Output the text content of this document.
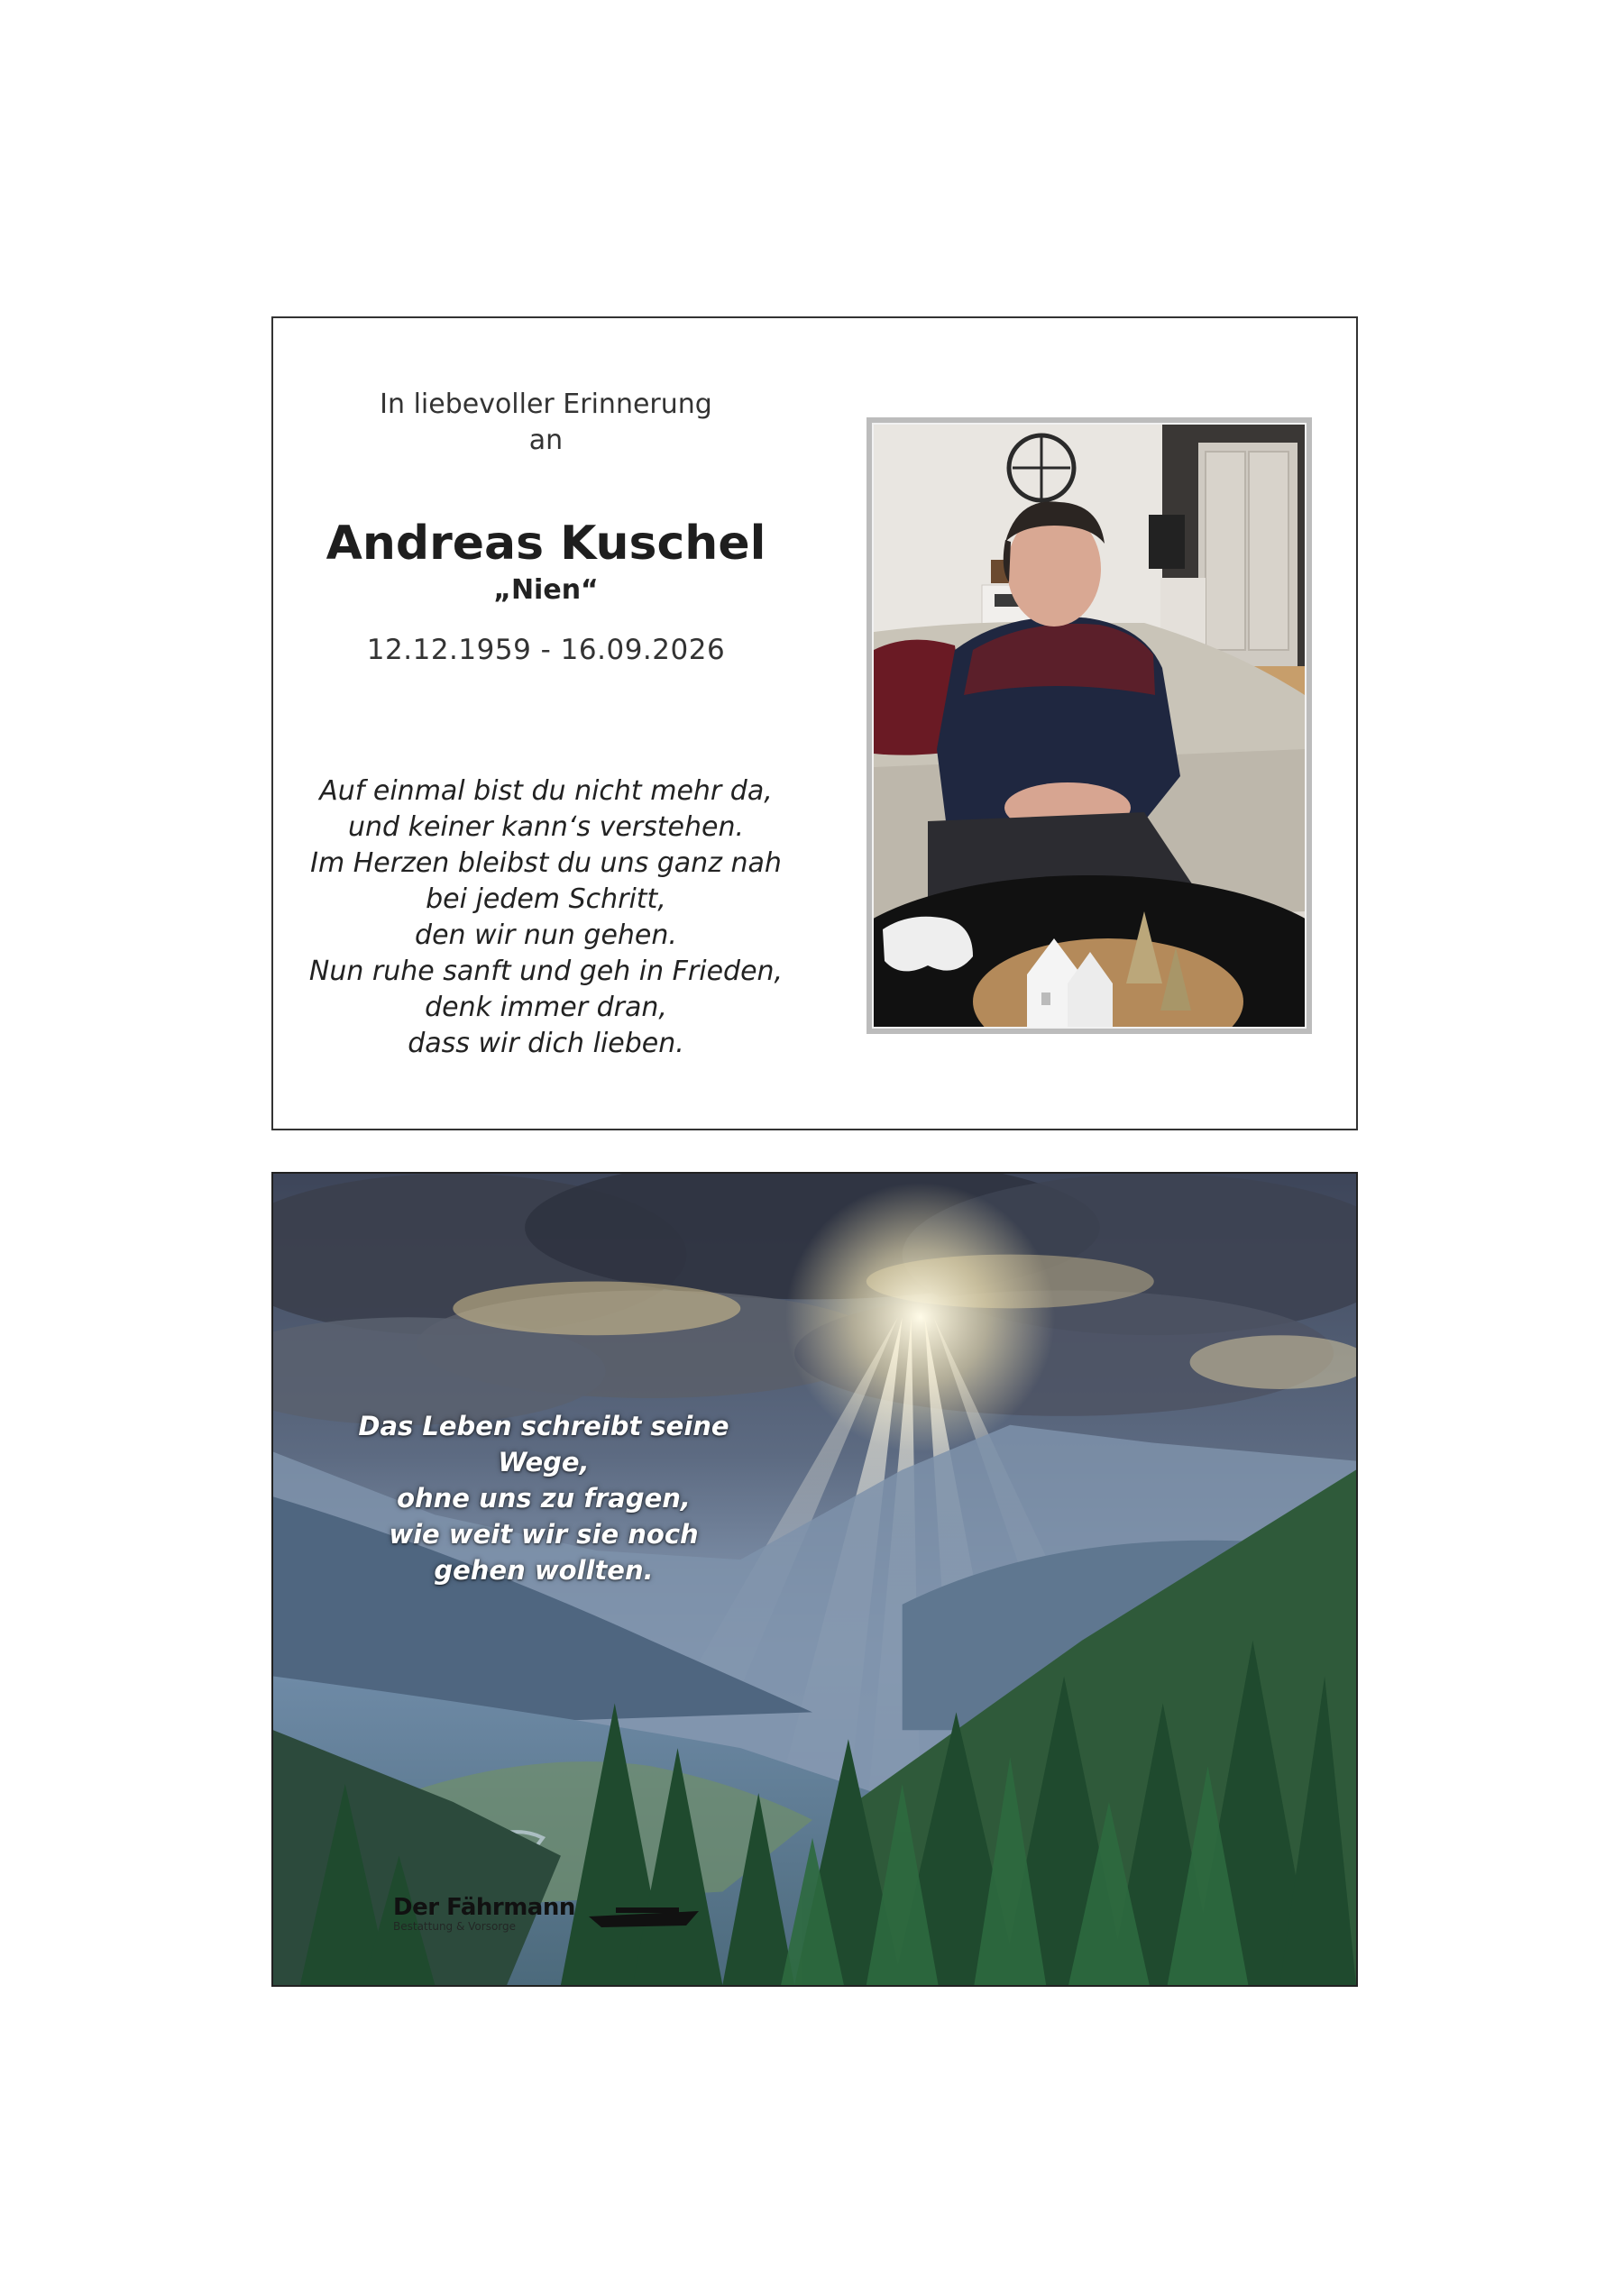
In liebevoller Erinnerung
an
Andreas Kuschel
„Nien“
12.12.1959 - 16.09.2026
Auf einmal bist du nicht mehr da,
und keiner kann‘s verstehen.
Im Herzen bleibst du uns ganz nah
bei jedem Schritt,
den wir nun gehen.
Nun ruhe sanft und geh in Frieden,
denk immer dran,
dass wir dich lieben.
Das Leben schreibt seine Wege,
ohne uns zu fragen,
wie weit wir sie noch
gehen wollten.
Der Fährmann
Bestattung & Vorsorge
